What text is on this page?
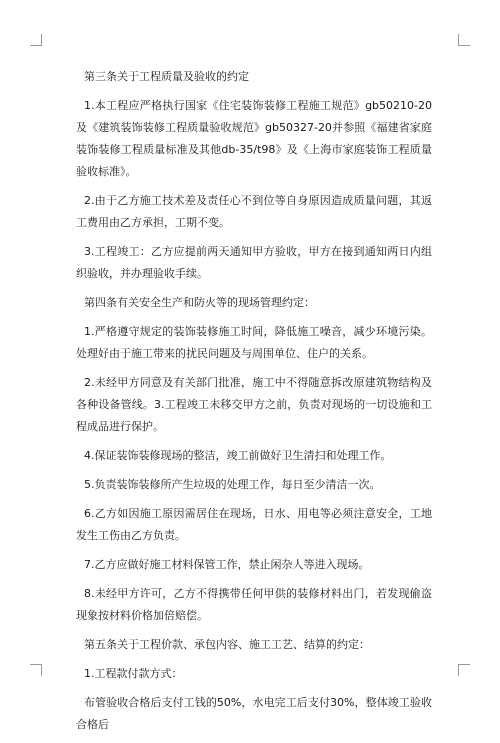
第三条关于工程质量及验收的约定

1.本工程应严格执行国家《住宅装饰装修工程施工规范》gb50210-20及《建筑装饰装修工程质量验收规范》gb50327-20并参照《福建省家庭装饰装修工程质量标准及其他db-35/t98》及《上海市家庭装饰工程质量验收标准》。

2.由于乙方施工技术差及责任心不到位等自身原因造成质量问题，其返工费用由乙方承担，工期不变。

3.工程竣工：乙方应提前两天通知甲方验收，甲方在接到通知两日内组织验收，并办理验收手续。

第四条有关安全生产和防火等的现场管理约定：

1.严格遵守规定的装饰装修施工时间，降低施工噪音，减少环境污染。处理好由于施工带来的扰民问题及与周围单位、住户的关系。

2.未经甲方同意及有关部门批准，施工中不得随意拆改原建筑物结构及各种设备管线。3.工程竣工未移交甲方之前，负责对现场的一切设施和工程成品进行保护。

4.保证装饰装修现场的整洁，竣工前做好卫生清扫和处理工作。

5.负责装饰装修所产生垃圾的处理工作，每日至少清洁一次。

6.乙方如因施工原因需居住在现场，日水、用电等必须注意安全，工地发生工伤由乙方负责。

7.乙方应做好施工材料保管工作，禁止闲杂人等进入现场。

8.未经甲方许可，乙方不得携带任何甲供的装修材料出门，若发现偷盗现象按材料价格加倍赔偿。

第五条关于工程价款、承包内容、施工工艺、结算的约定：

1.工程款付款方式：

布管验收合格后支付工钱的50%，水电完工后支付30%，整体竣工验收合格后
